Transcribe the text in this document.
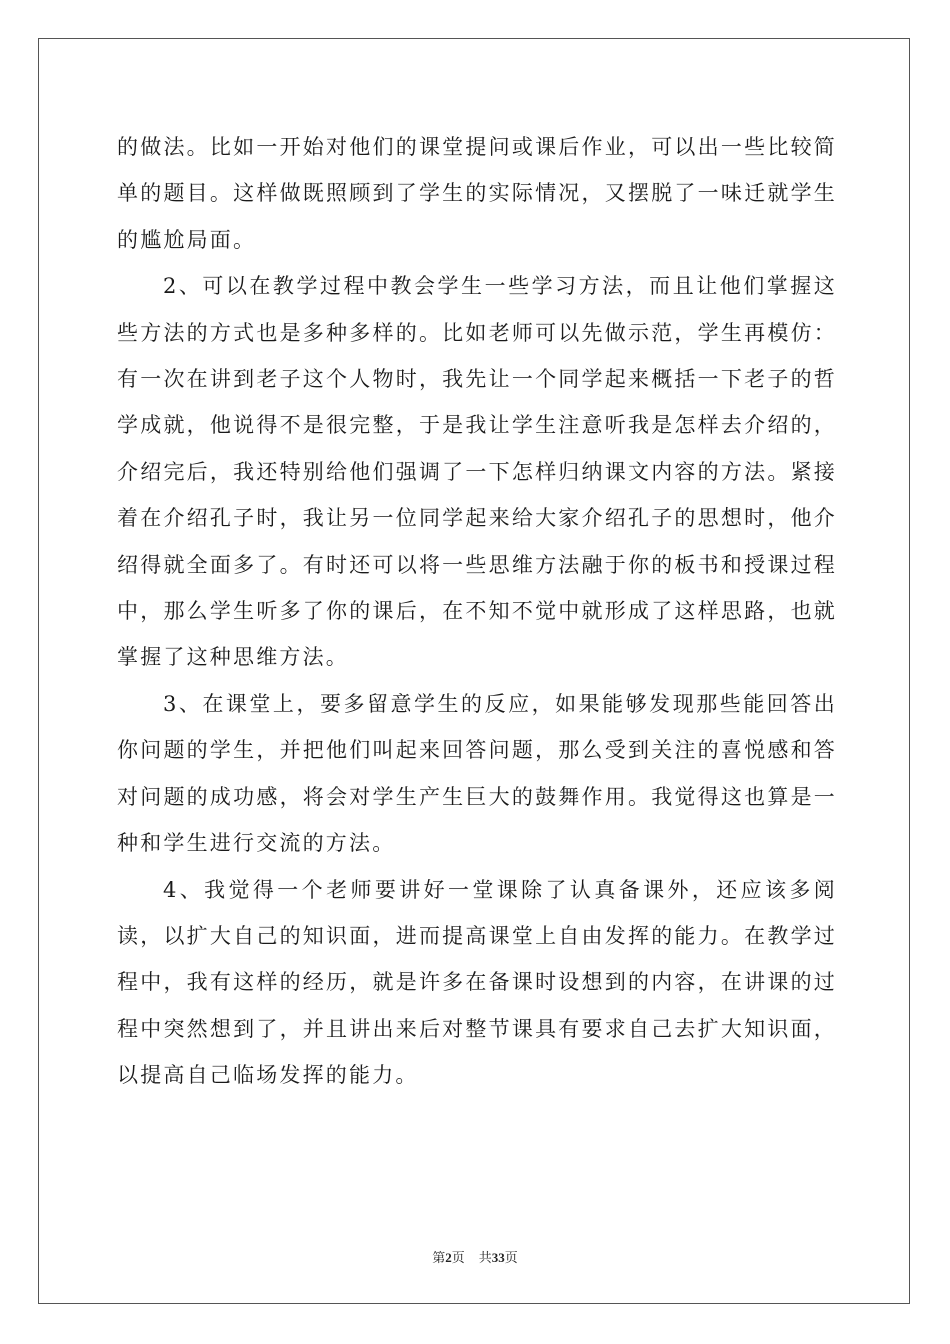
的做法。比如一开始对他们的课堂提问或课后作业，可以出一些比较简单的题目。这样做既照顾到了学生的实际情况，又摆脱了一味迁就学生的尴尬局面。

2、可以在教学过程中教会学生一些学习方法，而且让他们掌握这些方法的方式也是多种多样的。比如老师可以先做示范，学生再模仿：有一次在讲到老子这个人物时，我先让一个同学起来概括一下老子的哲学成就，他说得不是很完整，于是我让学生注意听我是怎样去介绍的，介绍完后，我还特别给他们强调了一下怎样归纳课文内容的方法。紧接着在介绍孔子时，我让另一位同学起来给大家介绍孔子的思想时，他介绍得就全面多了。有时还可以将一些思维方法融于你的板书和授课过程中，那么学生听多了你的课后，在不知不觉中就形成了这样思路，也就掌握了这种思维方法。

3、在课堂上，要多留意学生的反应，如果能够发现那些能回答出你问题的学生，并把他们叫起来回答问题，那么受到关注的喜悦感和答对问题的成功感，将会对学生产生巨大的鼓舞作用。我觉得这也算是一种和学生进行交流的方法。

4、我觉得一个老师要讲好一堂课除了认真备课外，还应该多阅读，以扩大自己的知识面，进而提高课堂上自由发挥的能力。在教学过程中，我有这样的经历，就是许多在备课时设想到的内容，在讲课的过程中突然想到了，并且讲出来后对整节课具有要求自己去扩大知识面，以提高自己临场发挥的能力。

第2页 共33页
